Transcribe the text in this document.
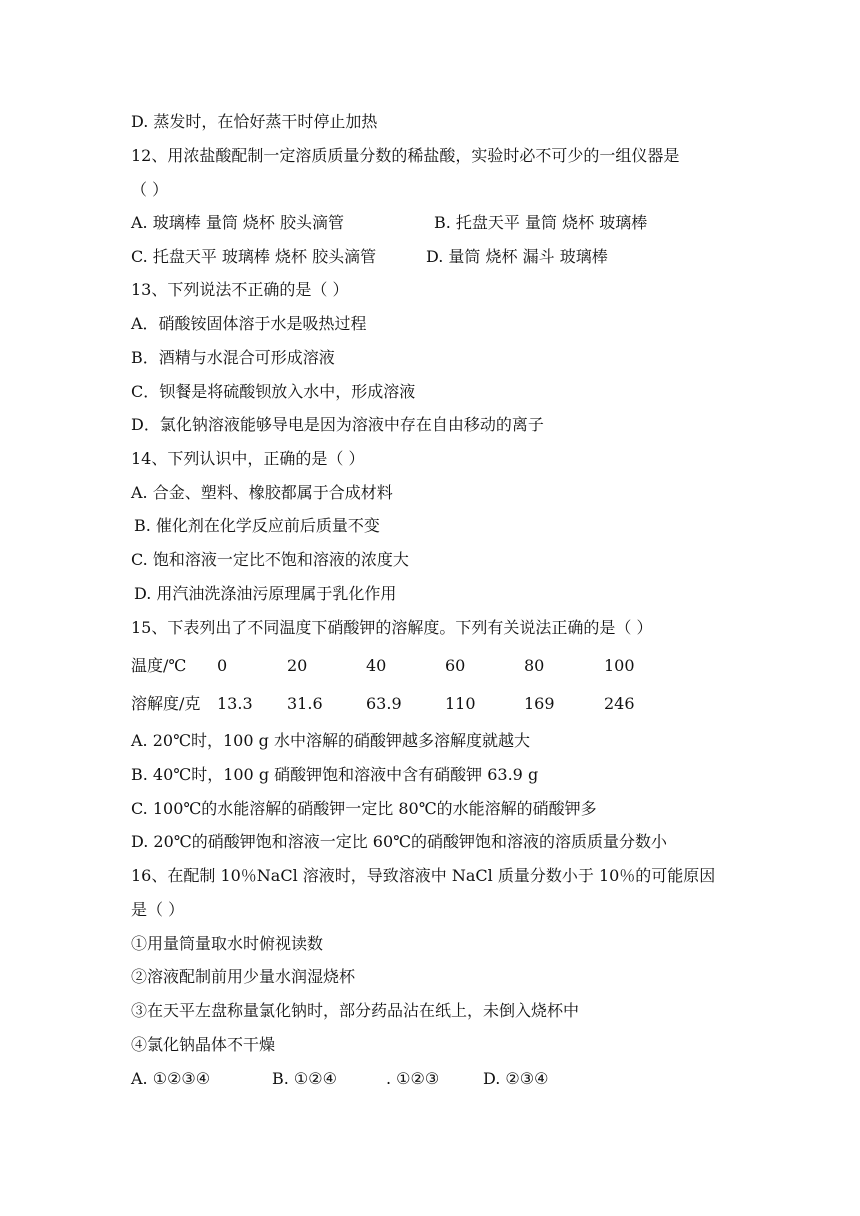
D. 蒸发时，在恰好蒸干时停止加热
12、用浓盐酸配制一定溶质质量分数的稀盐酸，实验时必不可少的一组仪器是
（ ）
A. 玻璃棒 量筒 烧杯 胶头滴管	B. 托盘天平 量筒 烧杯 玻璃棒
C. 托盘天平 玻璃棒 烧杯 胶头滴管	D. 量筒 烧杯 漏斗 玻璃棒
13、下列说法不正确的是（ ）
A．硝酸铵固体溶于水是吸热过程
B．酒精与水混合可形成溶液
C．钡餐是将硫酸钡放入水中，形成溶液
D．氯化钠溶液能够导电是因为溶液中存在自由移动的离子
14、下列认识中，正确的是（ ）
A. 合金、塑料、橡胶都属于合成材料
B. 催化剂在化学反应前后质量不变
C. 饱和溶液一定比不饱和溶液的浓度大
D. 用汽油洗涤油污原理属于乳化作用
15、下表列出了不同温度下硝酸钾的溶解度。下列有关说法正确的是（ ）
温度/℃ 0	20	40	60	80	100
溶解度/克 13.3 31.6	63.9	110	169	246
A. 20℃时，100 g 水中溶解的硝酸钾越多溶解度就越大
B. 40℃时，100 g 硝酸钾饱和溶液中含有硝酸钾 63.9 g
C. 100℃的水能溶解的硝酸钾一定比 80℃的水能溶解的硝酸钾多
D. 20℃的硝酸钾饱和溶液一定比 60℃的硝酸钾饱和溶液的溶质质量分数小
16、在配制 10％NaCl 溶液时，导致溶液中 NaCl 质量分数小于 10％的可能原因
是（ ）
①用量筒量取水时俯视读数
②溶液配制前用少量水润湿烧杯
③在天平左盘称量氯化钠时，部分药品沾在纸上，未倒入烧杯中
④氯化钠晶体不干燥
A. ①②③④	B. ①②④	. ①②③	D. ②③④
